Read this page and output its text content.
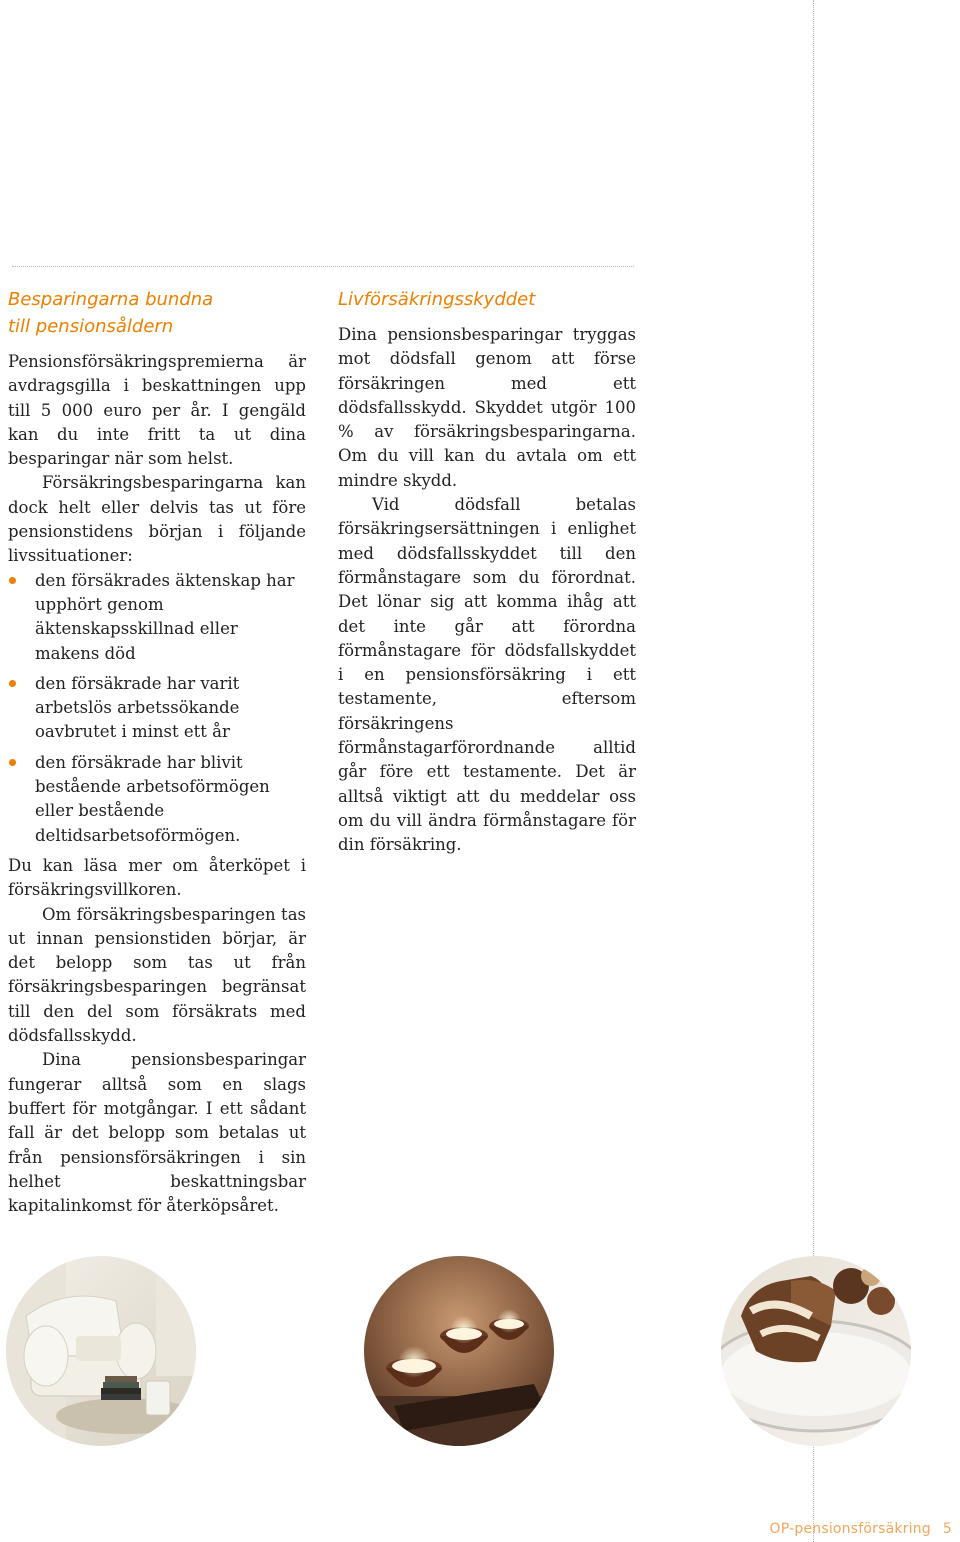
Besparingarna bundna
till pensionsåldern

Pensionsförsäkringspremierna är avdragsgilla i beskattningen upp till 5 000 euro per år. I gengäld kan du inte fritt ta ut dina besparingar när som helst.

Försäkringsbesparingarna kan dock helt eller delvis tas ut före pensionstidens början i följande livssituationer:

den försäkrades äktenskap har upphört genom äktenskapsskillnad eller makens död
den försäkrade har varit arbetslös arbetssökande oavbrutet i minst ett år
den försäkrade har blivit bestående arbetsoförmögen eller bestående deltidsarbetsoförmögen.

Du kan läsa mer om återköpet i försäkringsvillkoren.

Om försäkringsbesparingen tas ut innan pensionstiden börjar, är det belopp som tas ut från försäkringsbesparingen begränsat till den del som försäkrats med dödsfallsskydd.

Dina pensionsbesparingar fungerar alltså som en slags buffert för motgångar. I ett sådant fall är det belopp som betalas ut från pensionsförsäkringen i sin helhet beskattningsbar kapitalinkomst för återköpsåret.

Livförsäkringsskyddet

Dina pensionsbesparingar tryggas mot dödsfall genom att förse försäkringen med ett dödsfallsskydd. Skyddet utgör 100 % av försäkringsbesparingarna. Om du vill kan du avtala om ett mindre skydd.

Vid dödsfall betalas försäkringsersättningen i enlighet med dödsfallsskyddet till den förmånstagare som du förordnat. Det lönar sig att komma ihåg att det inte går att förordna förmånstagare för dödsfallskyddet i en pensionsförsäkring i ett testamente, eftersom försäkringens förmånstagarförordnande alltid går före ett testamente. Det är alltså viktigt att du meddelar oss om du vill ändra förmånstagare för din försäkring.

OP-pensionsförsäkring 5
